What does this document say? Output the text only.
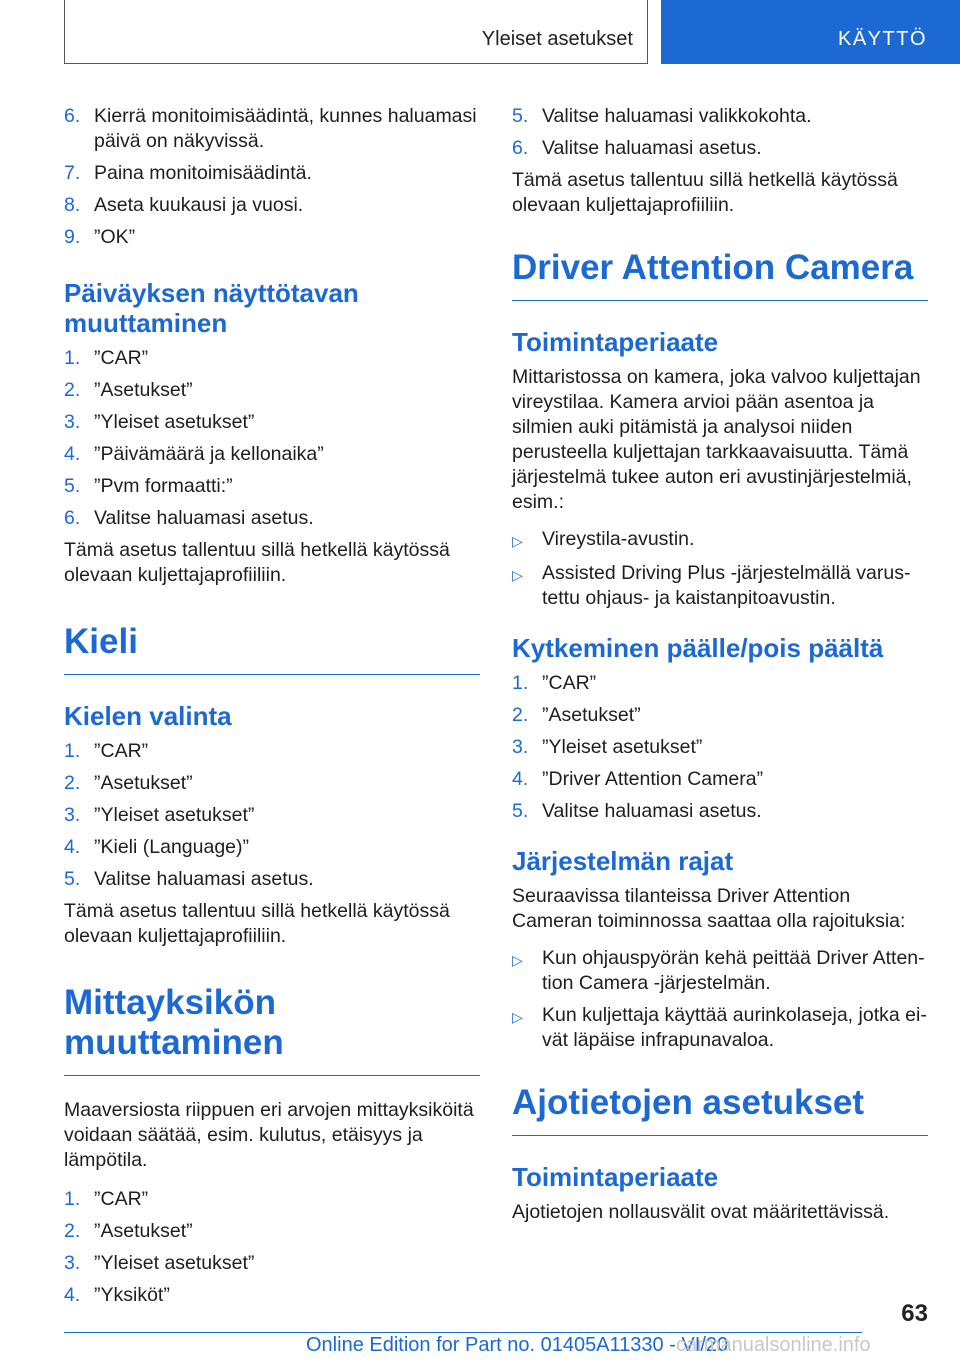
Yleiset asetukset	KÄYTTÖ
6. Kierrä monitoimisäädintä, kunnes haluamasi päivä on näkyvissä.
7. Paina monitoimisäädintä.
8. Aseta kuukausi ja vuosi.
9. ”OK”
Päiväyksen näyttötavan muuttaminen
1. ”CAR”
2. ”Asetukset”
3. ”Yleiset asetukset”
4. ”Päivämäärä ja kellonaika”
5. ”Pvm formaatti:”
6. Valitse haluamasi asetus.
Tämä asetus tallentuu sillä hetkellä käytössä olevaan kuljettajaprofiiliin.
Kieli
Kielen valinta
1. ”CAR”
2. ”Asetukset”
3. ”Yleiset asetukset”
4. ”Kieli (Language)”
5. Valitse haluamasi asetus.
Tämä asetus tallentuu sillä hetkellä käytössä olevaan kuljettajaprofiiliin.
Mittayksikön muuttaminen
Maaversiosta riippuen eri arvojen mittayksiköitä voidaan säätää, esim. kulutus, etäisyys ja lämpötila.
1. ”CAR”
2. ”Asetukset”
3. ”Yleiset asetukset”
4. ”Yksiköt”
5. Valitse haluamasi valikkokohta.
6. Valitse haluamasi asetus.
Tämä asetus tallentuu sillä hetkellä käytössä olevaan kuljettajaprofiiliin.
Driver Attention Camera
Toimintaperiaate
Mittaristossa on kamera, joka valvoo kuljettajan vireystilaa. Kamera arvioi pään asentoa ja silmien auki pitämistä ja analysoi niiden perusteella kuljettajan tarkkaavaisuutta. Tämä järjestelmä tukee auton eri avustinjärjestelmiä, esim.:
▷ Vireystila-avustin.
▷ Assisted Driving Plus -järjestelmällä varustettu ohjaus- ja kaistanpitoavustin.
Kytkeminen päälle/pois päältä
1. ”CAR”
2. ”Asetukset”
3. ”Yleiset asetukset”
4. ”Driver Attention Camera”
5. Valitse haluamasi asetus.
Järjestelmän rajat
Seuraavissa tilanteissa Driver Attention Cameran toiminnossa saattaa olla rajoituksia:
▷ Kun ohjauspyörän kehä peittää Driver Attention Camera -järjestelmän.
▷ Kun kuljettaja käyttää aurinkolaseja, jotka eivät läpäise infrapunavaloa.
Ajotietojen asetukset
Toimintaperiaate
Ajotietojen nollausvälit ovat määritettävissä.
63
Online Edition for Part no. 01405A11330 - VI/20
carmanualsonline.info
